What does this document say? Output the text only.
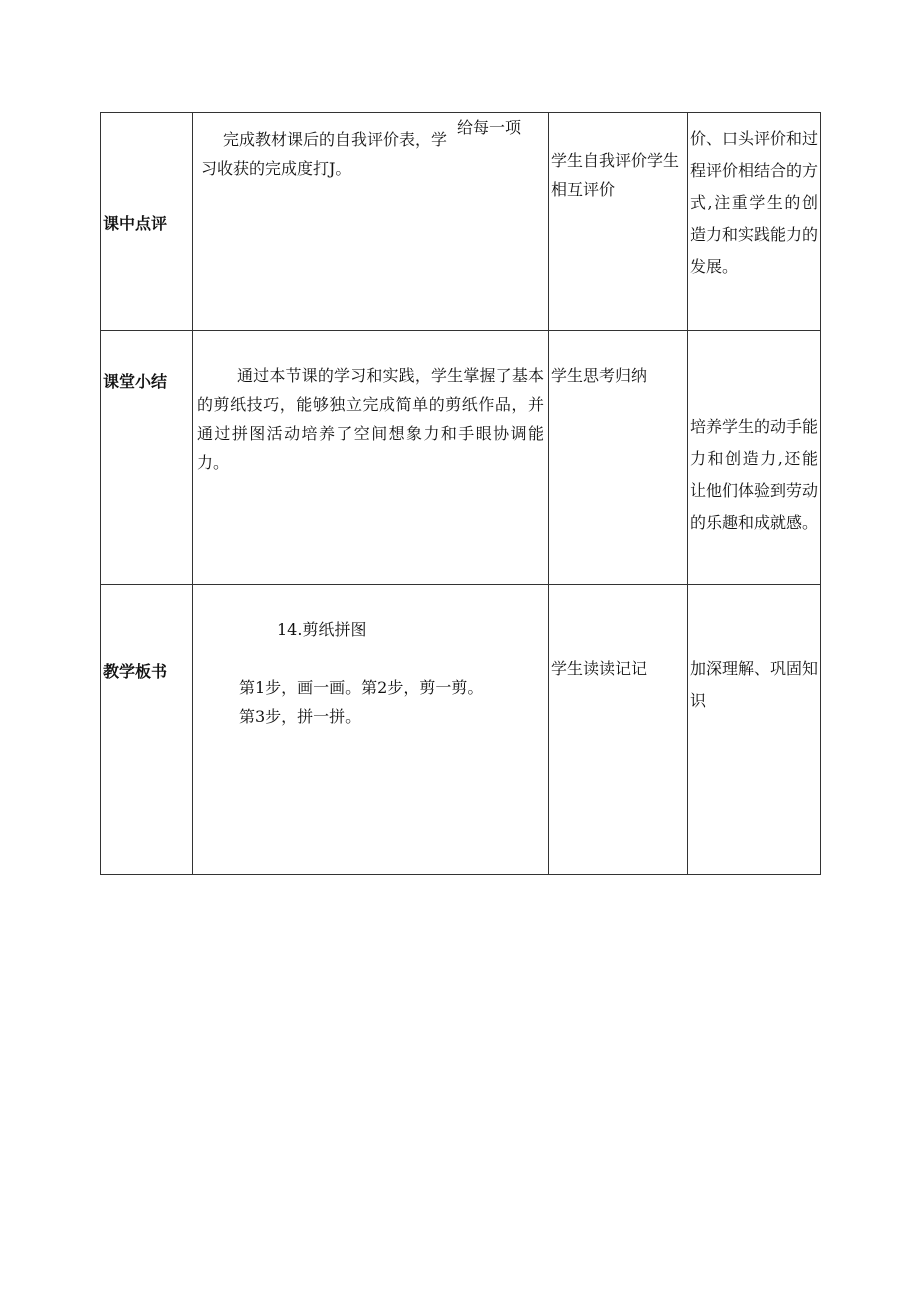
课中点评	完成教材课后的自我评价表，学
给每一项
习收获的完成度打J。	学生自我评价学生相互评价	价、口头评价和过程评价相结合的方式,注重学生的创造力和实践能力的发展。

课堂小结	通过本节课的学习和实践，学生掌握了基本的剪纸技巧，能够独立完成简单的剪纸作品，并通过拼图活动培养了空间想象力和手眼协调能力。	学生思考归纳	培养学生的动手能力和创造力,还能让他们体验到劳动的乐趣和成就感。

教学板书	14.剪纸拼图
第1步，画一画。第2步，剪一剪。
第3步，拼一拼。	学生读读记记	加深理解、巩固知识
